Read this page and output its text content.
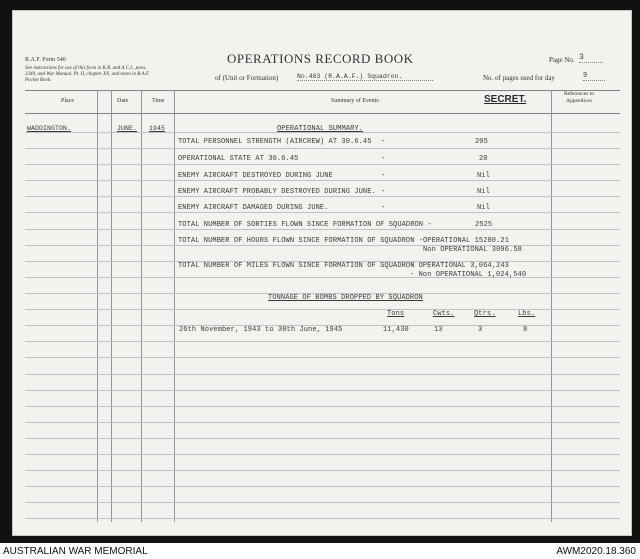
R.A.F. Form 540
See instructions for use of this form in K.R. and A.C.I., para. 2349, and War Manual, Pt. II, chapter XX, and notes in R.A.F. Pocket Book.
OPERATIONS RECORD BOOK
of (Unit or Formation)	No.463 (R.A.A.F.) Squadron.
Page No. 3
No. of pages used for day	9
Place	Date	Time	Summary of Events	SECRET.	References to Appendices
WADDINGTON.	JUNE. 1945	OPERATIONAL SUMMARY.
TOTAL PERSONNEL STRENGTH (AIRCREW) AT 30.6.45 -	205
OPERATIONAL STATE AT 30.6.45	-	20
ENEMY AIRCRAFT DESTROYED DURING JUNE	-	Nil
ENEMY AIRCRAFT PROBABLY DESTROYED DURING JUNE. -	Nil
ENEMY AIRCRAFT DAMAGED DURING JUNE.	-	Nil
TOTAL NUMBER OF SORTIES FLOWN SINCE FORMATION OF SQUADRON -	2525
TOTAL NUMBER OF HOURS FLOWN SINCE FORMATION OF SQUADRON - OPERATIONAL 15280.21
Non OPERATIONAL 3096.58
TOTAL NUMBER OF MILES FLOWN SINCE FORMATION OF SQUADRON
- OPERATIONAL 3,064,243
- Non OPERATIONAL 1,024,540
TONNAGE OF BOMBS DROPPED BY SQUADRON
Tons	Cwts.	Qtrs.	Lbs.
26th November, 1943 to 30th June, 1945	11,430	13	3	8
AUSTRALIAN WAR MEMORIAL	AWM2020.18.360
